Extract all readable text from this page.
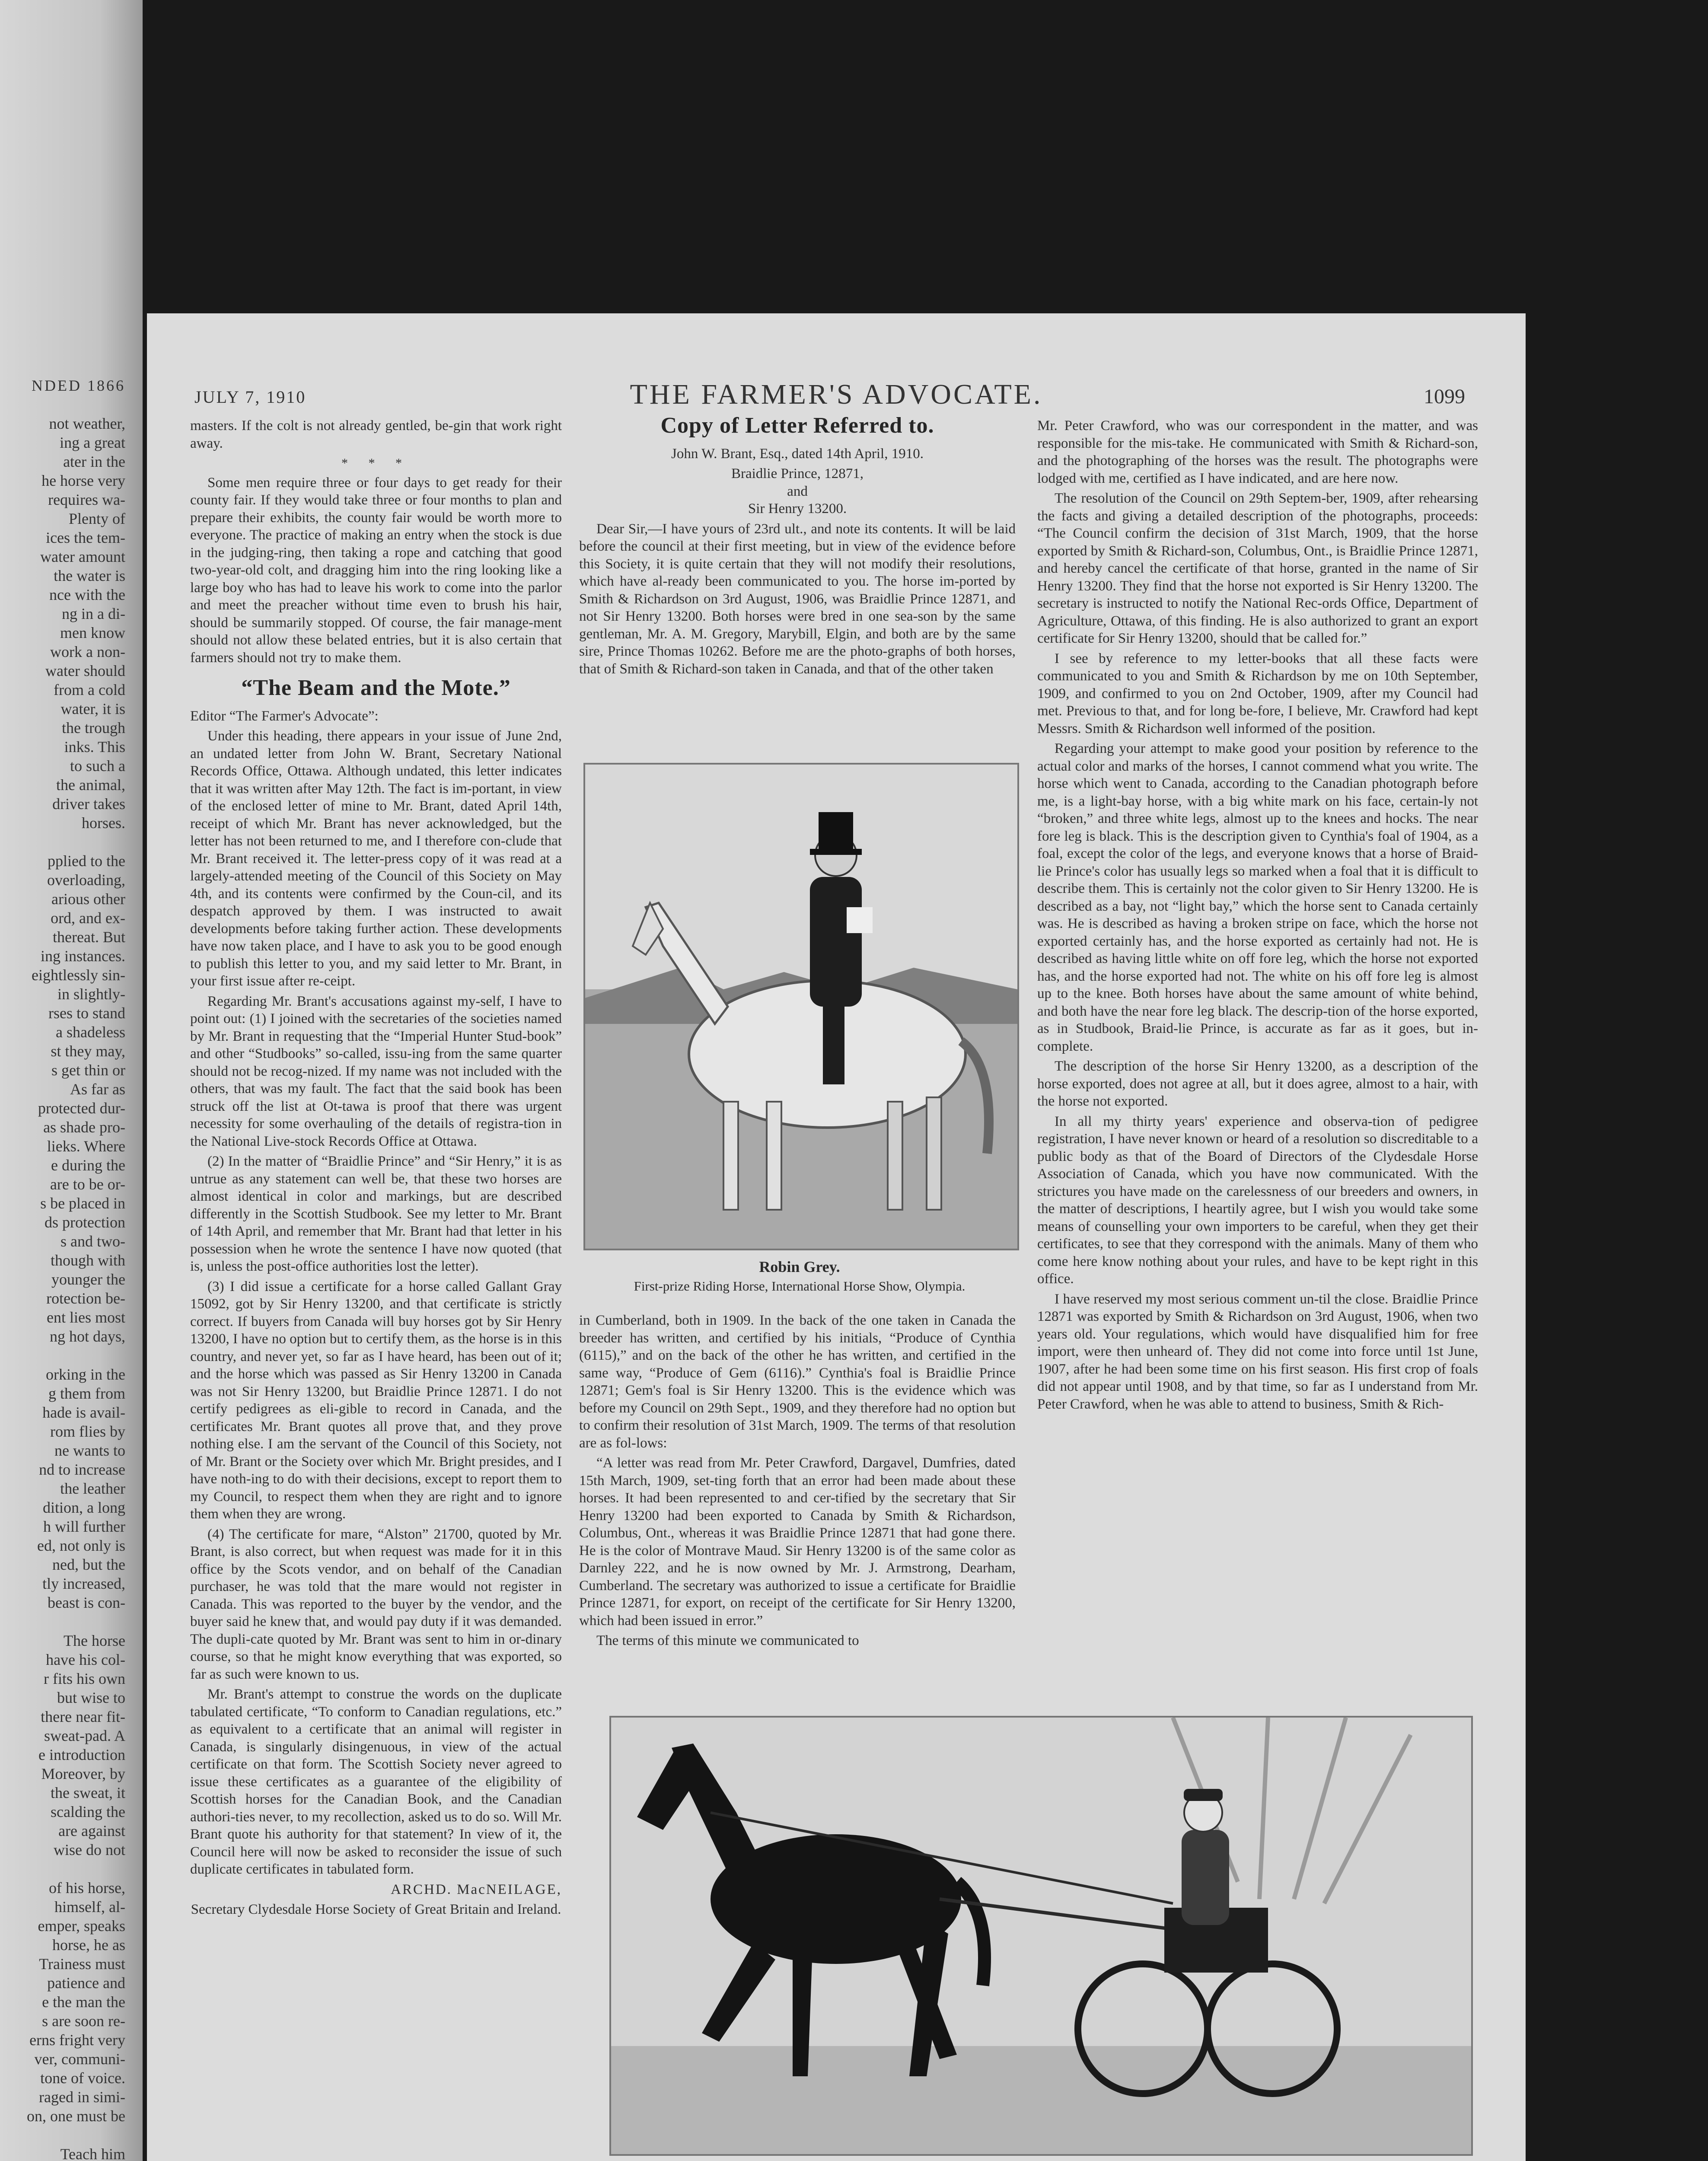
NDED 1866

not weather,

ing a great

ater in the

he horse very

requires wa-

Plenty of

ices the tem-

water amount

the water is

nce with the

ng in a di-

men know

work a non-

water should

from a cold

water, it is

the trough

inks. This

to such a

the animal,

driver takes

horses.

pplied to the

overloading,

arious other

ord, and ex-

thereat. But

ing instances.

eightlessly sin-

in slightly-

rses to stand

a shadeless

st they may,

s get thin or

As far as

protected dur-

as shade pro-

lieks. Where

e during the

are to be or-

s be placed in

ds protection

s and two-

though with

younger the

rotection be-

ent lies most

ng hot days,

orking in the

g them from

hade is avail-

rom flies by

ne wants to

nd to increase

the leather

dition, a long

h will further

ed, not only is

ned, but the

tly increased,

beast is con-

The horse

have his col-

r fits his own

but wise to

there near fit-

sweat-pad. A

e introduction

Moreover, by

the sweat, it

scalding the

are against

wise do not

of his horse,

himself, al-

emper, speaks

horse, he as

Trainess must

patience and

e the man the

s are soon re-

erns fright very

ver, communi-

tone of voice.

raged in simi-

on, one must be

Teach him

JULY 7, 1910	THE FARMER'S ADVOCATE.	1099

masters. If the colt is not already gentled, be-gin that work right away.

* * *

Some men require three or four days to get ready for their county fair. If they would take three or four months to plan and prepare their exhibits, the county fair would be worth more to everyone. The practice of making an entry when the stock is due in the judging-ring, then taking a rope and catching that good two-year-old colt, and dragging him into the ring looking like a large boy who has had to leave his work to come into the parlor and meet the preacher without time even to brush his hair, should be summarily stopped. Of course, the fair manage-ment should not allow these belated entries, but it is also certain that farmers should not try to make them.

“The Beam and the Mote.”

Editor “The Farmer's Advocate”:

Under this heading, there appears in your issue of June 2nd, an undated letter from John W. Brant, Secretary National Records Office, Ottawa. Although undated, this letter indicates that it was written after May 12th. The fact is im-portant, in view of the enclosed letter of mine to Mr. Brant, dated April 14th, receipt of which Mr. Brant has never acknowledged, but the letter has not been returned to me, and I therefore con-clude that Mr. Brant received it. The letter-press copy of it was read at a largely-attended meeting of the Council of this Society on May 4th, and its contents were confirmed by the Coun-cil, and its despatch approved by them. I was instructed to await developments before taking further action. These developments have now taken place, and I have to ask you to be good enough to publish this letter to you, and my said letter to Mr. Brant, in your first issue after re-ceipt.

Regarding Mr. Brant's accusations against my-self, I have to point out: (1) I joined with the secretaries of the societies named by Mr. Brant in requesting that the “Imperial Hunter Stud-book” and other “Studbooks” so-called, issu-ing from the same quarter should not be recog-nized. If my name was not included with the others, that was my fault. The fact that the said book has been struck off the list at Ot-tawa is proof that there was urgent necessity for some overhauling of the details of registra-tion in the National Live-stock Records Office at Ottawa.

(2) In the matter of “Braidlie Prince” and “Sir Henry,” it is as untrue as any statement can well be, that these two horses are almost identical in color and markings, but are described differently in the Scottish Studbook. See my letter to Mr. Brant of 14th April, and remember that Mr. Brant had that letter in his possession when he wrote the sentence I have now quoted (that is, unless the post-office authorities lost the letter).

(3) I did issue a certificate for a horse called Gallant Gray 15092, got by Sir Henry 13200, and that certificate is strictly correct. If buyers from Canada will buy horses got by Sir Henry 13200, I have no option but to certify them, as the horse is in this country, and never yet, so far as I have heard, has been out of it; and the horse which was passed as Sir Henry 13200 in Canada was not Sir Henry 13200, but Braidlie Prince 12871. I do not certify pedigrees as eli-gible to record in Canada, and the certificates Mr. Brant quotes all prove that, and they prove nothing else. I am the servant of the Council of this Society, not of Mr. Brant or the Society over which Mr. Bright presides, and I have noth-ing to do with their decisions, except to report them to my Council, to respect them when they are right and to ignore them when they are wrong.

(4) The certificate for mare, “Alston” 21700, quoted by Mr. Brant, is also correct, but when request was made for it in this office by the Scots vendor, and on behalf of the Canadian purchaser, he was told that the mare would not register in Canada. This was reported to the buyer by the vendor, and the buyer said he knew that, and would pay duty if it was demanded. The dupli-cate quoted by Mr. Brant was sent to him in or-dinary course, so that he might know everything that was exported, so far as such were known to us.

Mr. Brant's attempt to construe the words on the duplicate tabulated certificate, “To conform to Canadian regulations, etc.” as equivalent to a certificate that an animal will register in Canada, is singularly disingenuous, in view of the actual certificate on that form. The Scottish Society never agreed to issue these certificates as a guarantee of the eligibility of Scottish horses for the Canadian Book, and the Canadian authori-ties never, to my recollection, asked us to do so. Will Mr. Brant quote his authority for that statement? In view of it, the Council here will now be asked to reconsider the issue of such duplicate certificates in tabulated form.

ARCHD. MacNEILAGE,

Secretary Clydesdale Horse Society of Great Britain and Ireland.

Copy of Letter Referred to.

John W. Brant, Esq., dated 14th April, 1910.

Braidlie Prince, 12871,

and

Sir Henry 13200.

Dear Sir,—I have yours of 23rd ult., and note its contents. It will be laid before the council at their first meeting, but in view of the evidence before this Society, it is quite certain that they will not modify their resolutions, which have al-ready been communicated to you. The horse im-ported by Smith & Richardson on 3rd August, 1906, was Braidlie Prince 12871, and not Sir Henry 13200. Both horses were bred in one sea-son by the same gentleman, Mr. A. M. Gregory, Marybill, Elgin, and both are by the same sire, Prince Thomas 10262. Before me are the photo-graphs of both horses, that of Smith & Richard-son taken in Canada, and that of the other taken

Robin Grey.
First-prize Riding Horse, International Horse Show, Olympia.

in Cumberland, both in 1909. In the back of the one taken in Canada the breeder has written, and certified by his initials, “Produce of Cynthia (6115),” and on the back of the other he has written, and certified in the same way, “Produce of Gem (6116).” Cynthia's foal is Braidlie Prince 12871; Gem's foal is Sir Henry 13200. This is the evidence which was before my Council on 29th Sept., 1909, and they therefore had no option but to confirm their resolution of 31st March, 1909. The terms of that resolution are as fol-lows:

“A letter was read from Mr. Peter Crawford, Dargavel, Dumfries, dated 15th March, 1909, set-ting forth that an error had been made about these horses. It had been represented to and cer-tified by the secretary that Sir Henry 13200 had been exported to Canada by Smith & Richardson, Columbus, Ont., whereas it was Braidlie Prince 12871 that had gone there. He is the color of Montrave Maud. Sir Henry 13200 is of the same color as Darnley 222, and he is now owned by Mr. J. Armstrong, Dearham, Cumberland. The secretary was authorized to issue a certificate for Braidlie Prince 12871, for export, on receipt of the certificate for Sir Henry 13200, which had been issued in error.”

The terms of this minute we communicated to

Mr. Peter Crawford, who was our correspondent in the matter, and was responsible for the mis-take. He communicated with Smith & Richard-son, and the photographing of the horses was the result. The photographs were lodged with me, certified as I have indicated, and are here now.

The resolution of the Council on 29th Septem-ber, 1909, after rehearsing the facts and giving a detailed description of the photographs, proceeds: “The Council confirm the decision of 31st March, 1909, that the horse exported by Smith & Richard-son, Columbus, Ont., is Braidlie Prince 12871, and hereby cancel the certificate of that horse, granted in the name of Sir Henry 13200. They find that the horse not exported is Sir Henry 13200. The secretary is instructed to notify the National Rec-ords Office, Department of Agriculture, Ottawa, of this finding. He is also authorized to grant an export certificate for Sir Henry 13200, should that be called for.”

I see by reference to my letter-books that all these facts were communicated to you and Smith & Richardson by me on 10th September, 1909, and confirmed to you on 2nd October, 1909, after my Council had met. Previous to that, and for long be-fore, I believe, Mr. Crawford had kept Messrs. Smith & Richardson well informed of the position.

Regarding your attempt to make good your position by reference to the actual color and marks of the horses, I cannot commend what you write. The horse which went to Canada, according to the Canadian photograph before me, is a light-bay horse, with a big white mark on his face, certain-ly not “broken,” and three white legs, almost up to the knees and hocks. The near fore leg is black. This is the description given to Cynthia's foal of 1904, as a foal, except the color of the legs, and everyone knows that a horse of Braid-lie Prince's color has usually legs so marked when a foal that it is difficult to describe them. This is certainly not the color given to Sir Henry 13200. He is described as a bay, not “light bay,” which the horse sent to Canada certainly was. He is described as having a broken stripe on face, which the horse not exported certainly has, and the horse exported as certainly had not. He is described as having little white on off fore leg, which the horse not exported has, and the horse exported had not. The white on his off fore leg is almost up to the knee. Both horses have about the same amount of white behind, and both have the near fore leg black. The descrip-tion of the horse exported, as in Studbook, Braid-lie Prince, is accurate as far as it goes, but in-complete.

The description of the horse Sir Henry 13200, as a description of the horse exported, does not agree at all, but it does agree, almost to a hair, with the horse not exported.

In all my thirty years' experience and observa-tion of pedigree registration, I have never known or heard of a resolution so discreditable to a public body as that of the Board of Directors of the Clydesdale Horse Association of Canada, which you have now communicated. With the strictures you have made on the carelessness of our breeders and owners, in the matter of descriptions, I heartily agree, but I wish you would take some means of counselling your own importers to be careful, when they get their certificates, to see that they correspond with the animals. Many of them who come here know nothing about your rules, and have to be kept right in this office.

I have reserved my most serious comment un-til the close. Braidlie Prince 12871 was exported by Smith & Richardson on 3rd August, 1906, when two years old. Your regulations, which would have disqualified him for free import, were then unheard of. They did not come into force until 1st June, 1907, after he had been some time on his first season. His first crop of foals did not appear until 1908, and by that time, so far as I understand from Mr. Peter Crawford, when he was able to attend to business, Smith & Rich-
